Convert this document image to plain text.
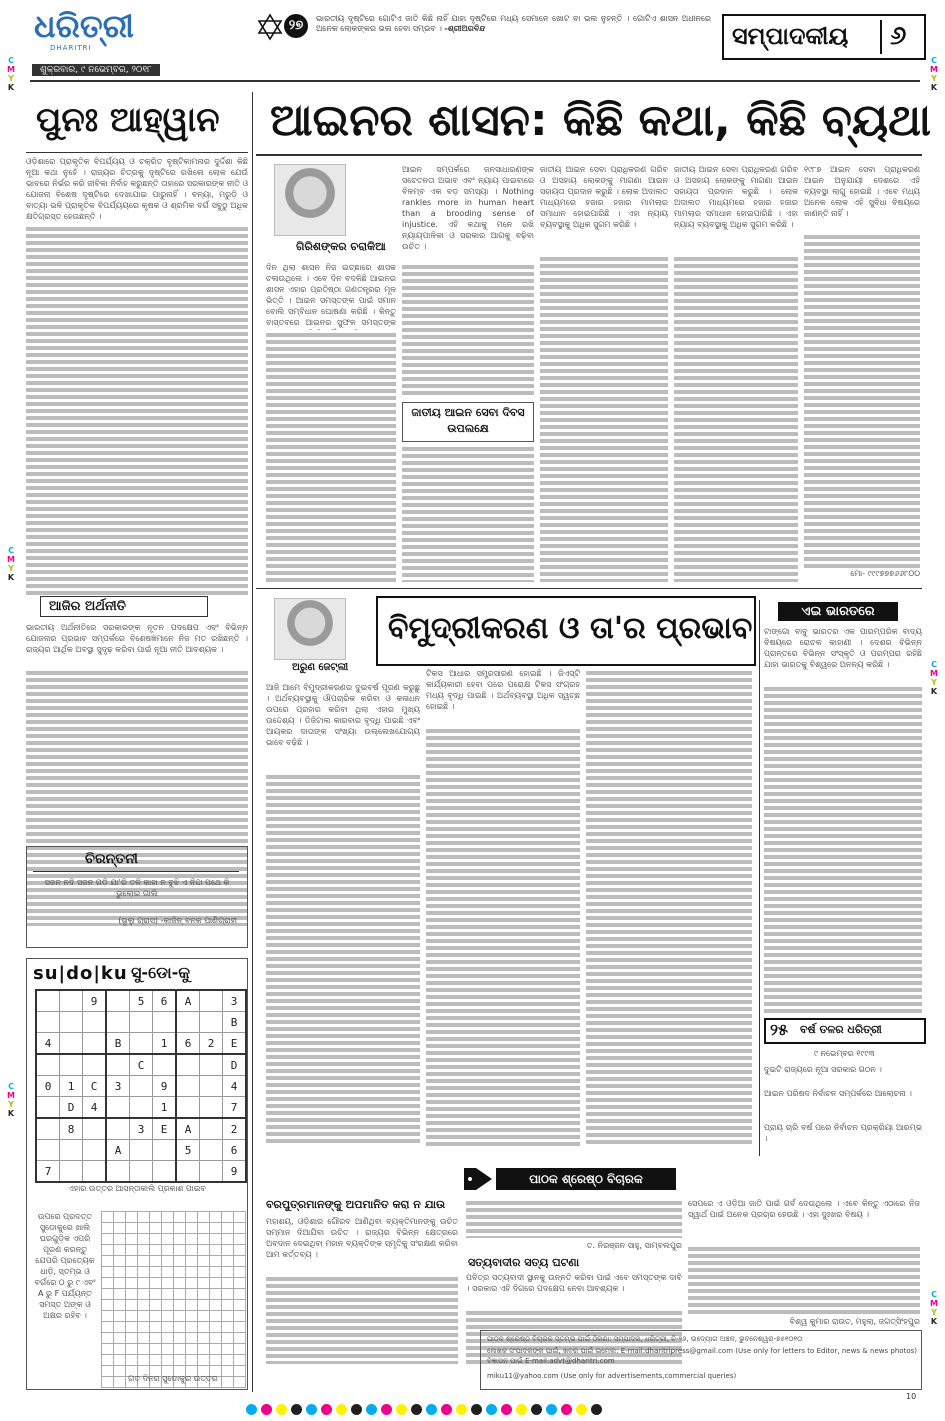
ଧରିତ୍ରୀ
DHARITRI
ଶୁକ୍ରବାର, ୯ ନଭେମ୍ବର, ୨୦୧୮
୨୭	ଭାରତୀୟ ଦୃଷ୍ଟିରେ ଗୋଟିଏ ଜାତି କିଛି ନାହିଁ ଯାହା ଦୃଷ୍ଟିରେ ମଧ୍ୟ ସେମାନେ ଖୋଟ ବା ଭଲ ନୁହନ୍ତି । ଗୋଟିଏ ଶାସନ ଅଧୀନରେ ଅନେକ ଲୋକଙ୍କର ଭଲ ହେବା ସମ୍ଭବ । -ଶ୍ରୀଅରବିନ୍ଦ	ସମ୍ପାଦକୀୟ ୬
C
M
Y
K
C
M
Y
K
C
M
Y
K
C
M
Y
K
C
M
Y
K
C
M
Y
K
ପୁନଃ ଆହ୍ୱାନ
ଓଡ଼ିଶାରେ ପ୍ରାକୃତିକ ବିପର୍ଯ୍ୟୟ ଓ ଚକ୍ରିତ ବୃଷ୍ଟିକାମନାର ଦୁର୍ଦ୍ଦଶା କିଛି ନୂଆ କଥା ନୁହେଁ । ରାଜ୍ୟର ଚିତ୍ରକୁ ଦୃଷ୍ଟିରେ ରଖିଲେ ଲୋକ ଯେଉଁ ଭାବରେ ନିର୍ଭର କରି ଜୀବିକା ନିର୍ବାହ କରୁଛନ୍ତି ତାହାରେ ସରକାରଙ୍କ ନୀତି ଓ ଯୋଜନା ବିଶେଷ ଦୃଷ୍ଟିରେ ଦେଖାଯାଇ ପାରୁନାହିଁ । ବନ୍ୟା, ମରୁଡ଼ି ଓ ବାତ୍ୟା ଭଳି ପ୍ରାକୃତିକ ବିପର୍ଯ୍ୟୟରେ କୃଷକ ଓ ଶ୍ରମିକ ବର୍ଗ ସବୁଠୁ ଅଧିକ କ୍ଷତିଗ୍ରସ୍ତ ହେଉଛନ୍ତି ।
ଆଜିର ଅର୍ଥନୀତି
ଭାରତୀୟ ଅର୍ଥନୀତିରେ ସରକାରଙ୍କ ନୂତନ ପଦକ୍ଷେପ ଏବଂ ବିଭିନ୍ନ ଯୋଜନାର ପ୍ରଭାବ ସମ୍ପର୍କରେ ବିଶେଷଜ୍ଞମାନେ ନିଜ ମତ ରଖିଛନ୍ତି । ରାଜ୍ୟର ଆର୍ଥିକ ଅବସ୍ଥା ସୁଦୃଢ଼ କରିବା ପାଇଁ ନୂଆ ନୀତି ଆବଶ୍ୟକ ।
ଚିରନ୍ତନୀ
ସଜନ ନଦି ସଜନ ଗଡ଼ି ଯା'ରି ତଳି କାହା ନ ବୁଝି ଏ ନିଦ୍ଦା ପଥେ କି ଭୁଲୋଇ ଗାଲି
(ଭୂଲୁ ଗ୍ରାସ) -କାଜିନ୍‌ ବନକ ପାଣିଗ୍ରାହୀ
su|do|ku ସୁ-ଡୋ-କୁ
		9		5	6	A		3
								B
4			B		1	6	2	E
				C				D
0	1	C	3		9			4
	D	4			1			7
	8			3	E	A		2
			A			5		6
7								9
ଏହାର ଉତ୍ତର ଆସନ୍ତାକାଲି ପ୍ରକାଶ ପାଇବ
ଉପରେ ପ୍ରଦତ୍ତ ସୁଡୋକୁରେ ଖାଲି ଘରଗୁଡ଼ିକ ଏପରି ପୂରଣ କରନ୍ତୁ ଯେପରି ପ୍ରତ୍ୟେକ ଧାଡ଼ି, ସ୍ତମ୍ଭ ଓ ବର୍ଗରେ ୦ ରୁ ୯ ଏବଂ A ରୁ F ପର୍ଯ୍ୟନ୍ତ ସମସ୍ତ ଅଙ୍କ ଓ ଅକ୍ଷର ରହିବ ।

ଗତ ଦିନର ସୁଡୋକୁର ଉତ୍ତର
ଆଇନର ଶାସନ: କିଛି କଥା, କିଛି ବ୍ୟଥା
ଗିରିଶଙ୍କର ଚରାକିଆ
ଦିନ ଥିଲା ଶାସନ ନିଜ ଇଚ୍ଛାରେ ଶାସକ ଚଳାଉଥିଲେ । ଏବେ ଦିନ ବଦଳିଛି ଆଇନର ଶାସନ ଏହାର ପ୍ରତିଷ୍ଠା ଗଣତନ୍ତ୍ରର ମୂଳ ଭିତ୍ତି । ଆଇନ ସମସ୍ତଙ୍କ ପାଇଁ ସମାନ ବୋଲି ସମ୍ବିଧାନ ଘୋଷଣା କରିଛି । କିନ୍ତୁ ବାସ୍ତବରେ ଆଇନର ସୁଫଳ ସମସ୍ତଙ୍କ
ଆଇନ ସମ୍ପର୍କରେ ଜନସାଧାରଣଙ୍କ ସଚେତନତା ଅଭାବ ଏବଂ ନ୍ୟାୟ ପାଇବାରେ ବିଳମ୍ବ ଏକ ବଡ଼ ସମସ୍ୟା । Nothing rankles more in human heart than a brooding sense of injustice. ଏହି କଥାକୁ ମନେ ରଖି ନ୍ୟାୟପାଳିକା ଓ ସରକାର ଆଗକୁ ବଢ଼ିବା ଉଚିତ ।
ଜାତୀୟ ଆଇନ ସେବା ଦିବସ ଉପଲକ୍ଷେ
ଜାତୀୟ ଆଇନ ସେବା ପ୍ରାଧିକରଣ ଗରିବ ଓ ଅସହାୟ ଲୋକଙ୍କୁ ମାଗଣା ଆଇନ ସହାୟତା ପ୍ରଦାନ କରୁଛି । ଲୋକ ଅଦାଲତ ମାଧ୍ୟମରେ ହଜାର ହଜାର ମାମଲାର ସମାଧାନ ହୋଇପାରିଛି । ଏହା ନ୍ୟାୟ ବ୍ୟବସ୍ଥାକୁ ଅଧିକ ସୁଗମ କରିଛି ।
ଜାତୀୟ ଆଇନ ସେବା ପ୍ରାଧିକରଣ ଗରିବ ଓ ଅସହାୟ ଲୋକଙ୍କୁ ମାଗଣା ଆଇନ ସହାୟତା ପ୍ରଦାନ କରୁଛି । ଲୋକ ଅଦାଲତ ମାଧ୍ୟମରେ ହଜାର ହଜାର ମାମଲାର ସମାଧାନ ହୋଇପାରିଛି । ଏହା ନ୍ୟାୟ ବ୍ୟବସ୍ଥାକୁ ଅଧିକ ସୁଗମ କରିଛି ।
୧୯୮୭ ଆଇନ ସେବା ପ୍ରାଧିକରଣ ଆଇନ ଅନୁଯାୟୀ ଦେଶରେ ଏହି ବ୍ୟବସ୍ଥା ଲାଗୁ ହୋଇଛି । ଏବେ ମଧ୍ୟ ଅନେକ ଲୋକ ଏହି ସୁବିଧା ବିଷୟରେ ଜାଣନ୍ତି ନାହିଁ ।
ମୋ- ୯୯୯୭୭୭୬୬୮୦୦
ଅରୁଣ ଜେଟ୍‌ଲୀ
ବିମୁଦ୍ରୀକରଣ ଓ ତା'ର ପ୍ରଭାବ
ଆଜି ଆମେ ବିମୁଦ୍ରୀକରଣର ଦୁଇବର୍ଷ ପୂରଣ କରୁଛୁ । ଅର୍ଥବ୍ୟବସ୍ଥାକୁ ଔପଚାରିକ କରିବା ଓ କଳାଧନ ଉପରେ ପ୍ରହାର କରିବା ଥିଲା ଏହାର ମୁଖ୍ୟ ଉଦ୍ଦେଶ୍ୟ । ଡିଜିଟାଲ କାରବାର ବୃଦ୍ଧି ପାଇଛି ଏବଂ ଆୟକର ଦାତାଙ୍କ ସଂଖ୍ୟା ଉଲ୍ଲେଖଯୋଗ୍ୟ ଭାବେ ବଢ଼ିଛି ।
ଟିକସ ଆଧାର ସମ୍ପ୍ରସାରଣ ହୋଇଛି । ଜିଏସ୍‌ଟି କାର୍ଯ୍ୟକାରୀ ହେବା ପରେ ପରୋକ୍ଷ ଟିକସ ସଂଗ୍ରହ ମଧ୍ୟ ବୃଦ୍ଧି ପାଇଛି । ଅର୍ଥବ୍ୟବସ୍ଥା ଅଧିକ ସ୍ୱଚ୍ଛ ହୋଇଛି ।
ଏଇ ଭାରତରେ
ଟାଙ୍ଗୋ ବାବୁ ଭାରତର ଏକ ପାରମ୍ପରିକ ବାଦ୍ୟ ବିଷୟରେ ରୋଚକ କାହାଣୀ । ଦେଶର ବିଭିନ୍ନ ପ୍ରାନ୍ତରେ ବିଭିନ୍ନ ସଂସ୍କୃତି ଓ ପରମ୍ପରା ରହିଛି ଯାହା ଭାରତକୁ ବିଶ୍ୱରେ ଅନନ୍ୟ କରିଛି ।
୨୫ ବର୍ଷ ତଳର ଧରିତ୍ରୀ
୯ ନଭେମ୍ବର ୧୯୯୩
ଦୁଇଟି ରାଜ୍ୟରେ ନୂଆ ସରକାର ଗଠନ ।
ଆଇନ ପରିଷଦ ନିର୍ବାଚନ ସମ୍ପର୍କରେ ଆଲୋଚନା ।
ପ୍ରାୟ ଚାରି ବର୍ଷ ପରେ ନିର୍ବାଚନ ପ୍ରକ୍ରିୟା ଆରମ୍ଭ ।
ପାଠକ ଶ୍ରେଷ୍ଠ ବିଚାରକ
ବରପୁତ୍ରମାନଙ୍କୁ ଅପମାନିତ କରା ନ ଯାଉ
ମହାଶୟ, ଓଡ଼ିଶାର ଗୌରବ ଆଣିଥିବା ବ୍ୟକ୍ତିମାନଙ୍କୁ ଉଚିତ ସମ୍ମାନ ଦିଆଯିବା ଉଚିତ । ରାଜ୍ୟର ବିଭିନ୍ନ କ୍ଷେତ୍ରରେ ଅବଦାନ ଦେଇଥିବା ମହାନ ବ୍ୟକ୍ତିଙ୍କ ସ୍ମୃତିକୁ ସଂରକ୍ଷଣ କରିବା ଆମ କର୍ତ୍ତବ୍ୟ ।
ତ. ନିରଞ୍ଜନ ସାହୁ, ସାମ୍ବଲପୁର
ସତ୍ୟବାଦୀର ସତ୍ୟ ଘଟଣା
ପବିତ୍ର ସତ୍ୟବାଦୀ ସ୍ଥାନକୁ ଉନ୍ନତି କରିବା ପାଇଁ ଏବେ ସମସ୍ତଙ୍କ ଦାବି । ସରକାର ଏହି ଦିଗରେ ପଦକ୍ଷେପ ନେବା ଆବଶ୍ୟକ ।
ସେପରେ ଏ ଓଡ଼ିଆ ଜାତି ପାଇଁ ଗର୍ବ ଦେଉଥିଲେ । ଏବେ କିନ୍ତୁ ଏଠାରେ ନିଜ ସ୍ୱାର୍ଥ ପାଇଁ ଅନେକ ପ୍ରଚାର ହେଉଛି । ଏହା ଦୁଃଖର ବିଷୟ ।
ବିଶ୍ୱ କୁମାର ରାଉତ, ମହୁଲା, ଜଗତ୍‌ସିଂହପୁର
ପାଠକ ଶ୍ରେଷ୍ଠ ବିଚାରକ ସ୍ତମ୍ଭ ପାଇଁ ଠିକଣା: ସମ୍ପାଦକ, ଧରିତ୍ରୀ, ବି-୨୬, ଉଦ୍ୟୋଗ ଅଞ୍ଚଳ, ଭୁବନେଶ୍ୱର-୭୫୧୦୧୦
ଲେଖକ ସଂପାଦକଙ୍କ ପାଇଁ, ଖବର ପାଇଁ ଇମେଲ: E-mail:dharitripress@gmail.com (Use only for letters to Editor, news & news photos) ବିଜ୍ଞାପନ ପାଇଁ E-mail:advt@dharitri.com
miku11@yahoo.com (Use only for advertisements,commercial queries)
10
